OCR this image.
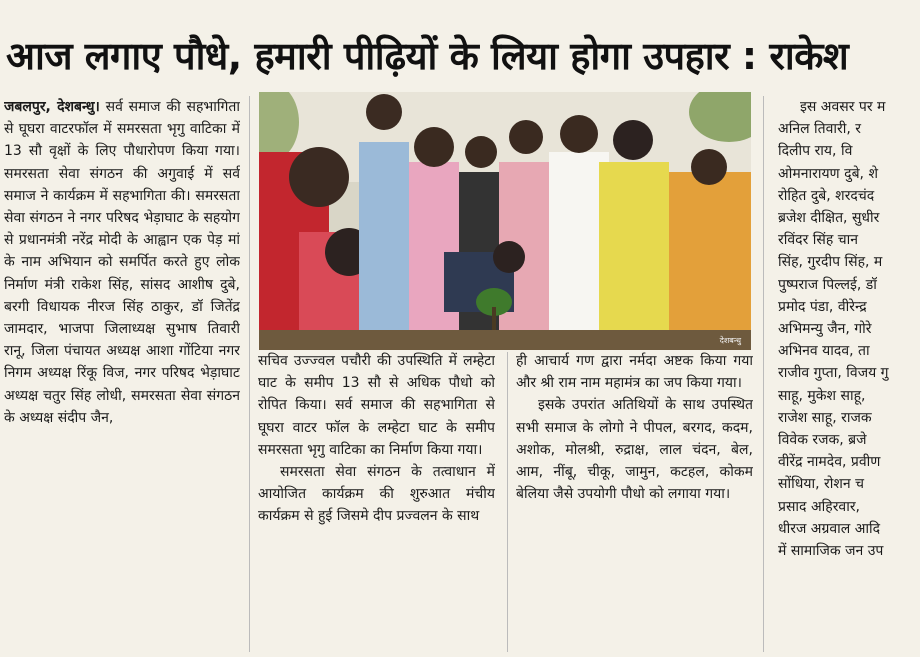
आज लगाए पौधे, हमारी पीढ़ियों के लिया होगा उपहार : राकेश

जबलपुर, देशबन्धु। सर्व समाज की सहभागिता से घूघरा वाटरफॉल में समरसता भृगु वाटिका में 13 सौ वृक्षों के लिए पौधारोपण किया गया। समरसता सेवा संगठन की अगुवाई में सर्व समाज ने कार्यक्रम में सहभागिता की। समरसता सेवा संगठन ने नगर परिषद भेड़ाघाट के सहयोग से प्रधानमंत्री नरेंद्र मोदी के आह्वान एक पेड़ मां के नाम अभियान को समर्पित करते हुए लोक निर्माण मंत्री राकेश सिंह, सांसद आशीष दुबे, बरगी विधायक नीरज सिंह ठाकुर, डॉ जितेंद्र जामदार, भाजपा जिलाध्यक्ष सुभाष तिवारी रानू, जिला पंचायत अध्यक्ष आशा गोंटिया नगर निगम अध्यक्ष रिंकू विज, नगर परिषद भेड़ाघाट अध्यक्ष चतुर सिंह लोधी, समरसता सेवा संगठन के अध्यक्ष संदीप जैन,

देशबन्धु

सचिव उज्ज्वल पचौरी की उपस्थिति में लम्हेटा घाट के समीप 13 सौ से अधिक पौधो को रोपित किया। सर्व समाज की सहभागिता से घूघरा वाटर फॉल के लम्हेटा घाट के समीप समरसता भृगु वाटिका का निर्माण किया गया।

समरसता सेवा संगठन के तत्वाधान में आयोजित कार्यक्रम की शुरुआत मंचीय कार्यक्रम से हुई जिसमे दीप प्रज्वलन के साथ

ही आचार्य गण द्वारा नर्मदा अष्टक किया गया और श्री राम नाम महामंत्र का जप किया गया।

इसके उपरांत अतिथियों के साथ उपस्थित सभी समाज के लोगो ने पीपल, बरगद, कदम, अशोक, मोलश्री, रुद्राक्ष, लाल चंदन, बेल, आम, नींबू, चीकू, जामुन, कटहल, कोकम बेलिया जैसे उपयोगी पौधो को लगाया गया।

इस अवसर पर म
अनिल तिवारी, र
दिलीप राय, वि
ओमनारायण दुबे, शे
रोहित दुबे, शरदचंद
ब्रजेश दीक्षित, सुधीर
रविंदर सिंह चान
सिंह, गुरदीप सिंह, म
पुष्पराज पिल्लई, डॉ
प्रमोद पंडा, वीरेन्द्र
अभिमन्यु जैन, गोरे
अभिनव यादव, ता
राजीव गुप्ता, विजय गु
साहू, मुकेश साहू,
राजेश साहू, राजक
विवेक रजक, ब्रजे
वीरेंद्र नामदेव, प्रवीण
सोंधिया, रोशन च
प्रसाद अहिरवार,
धीरज अग्रवाल आदि
में सामाजिक जन उप
